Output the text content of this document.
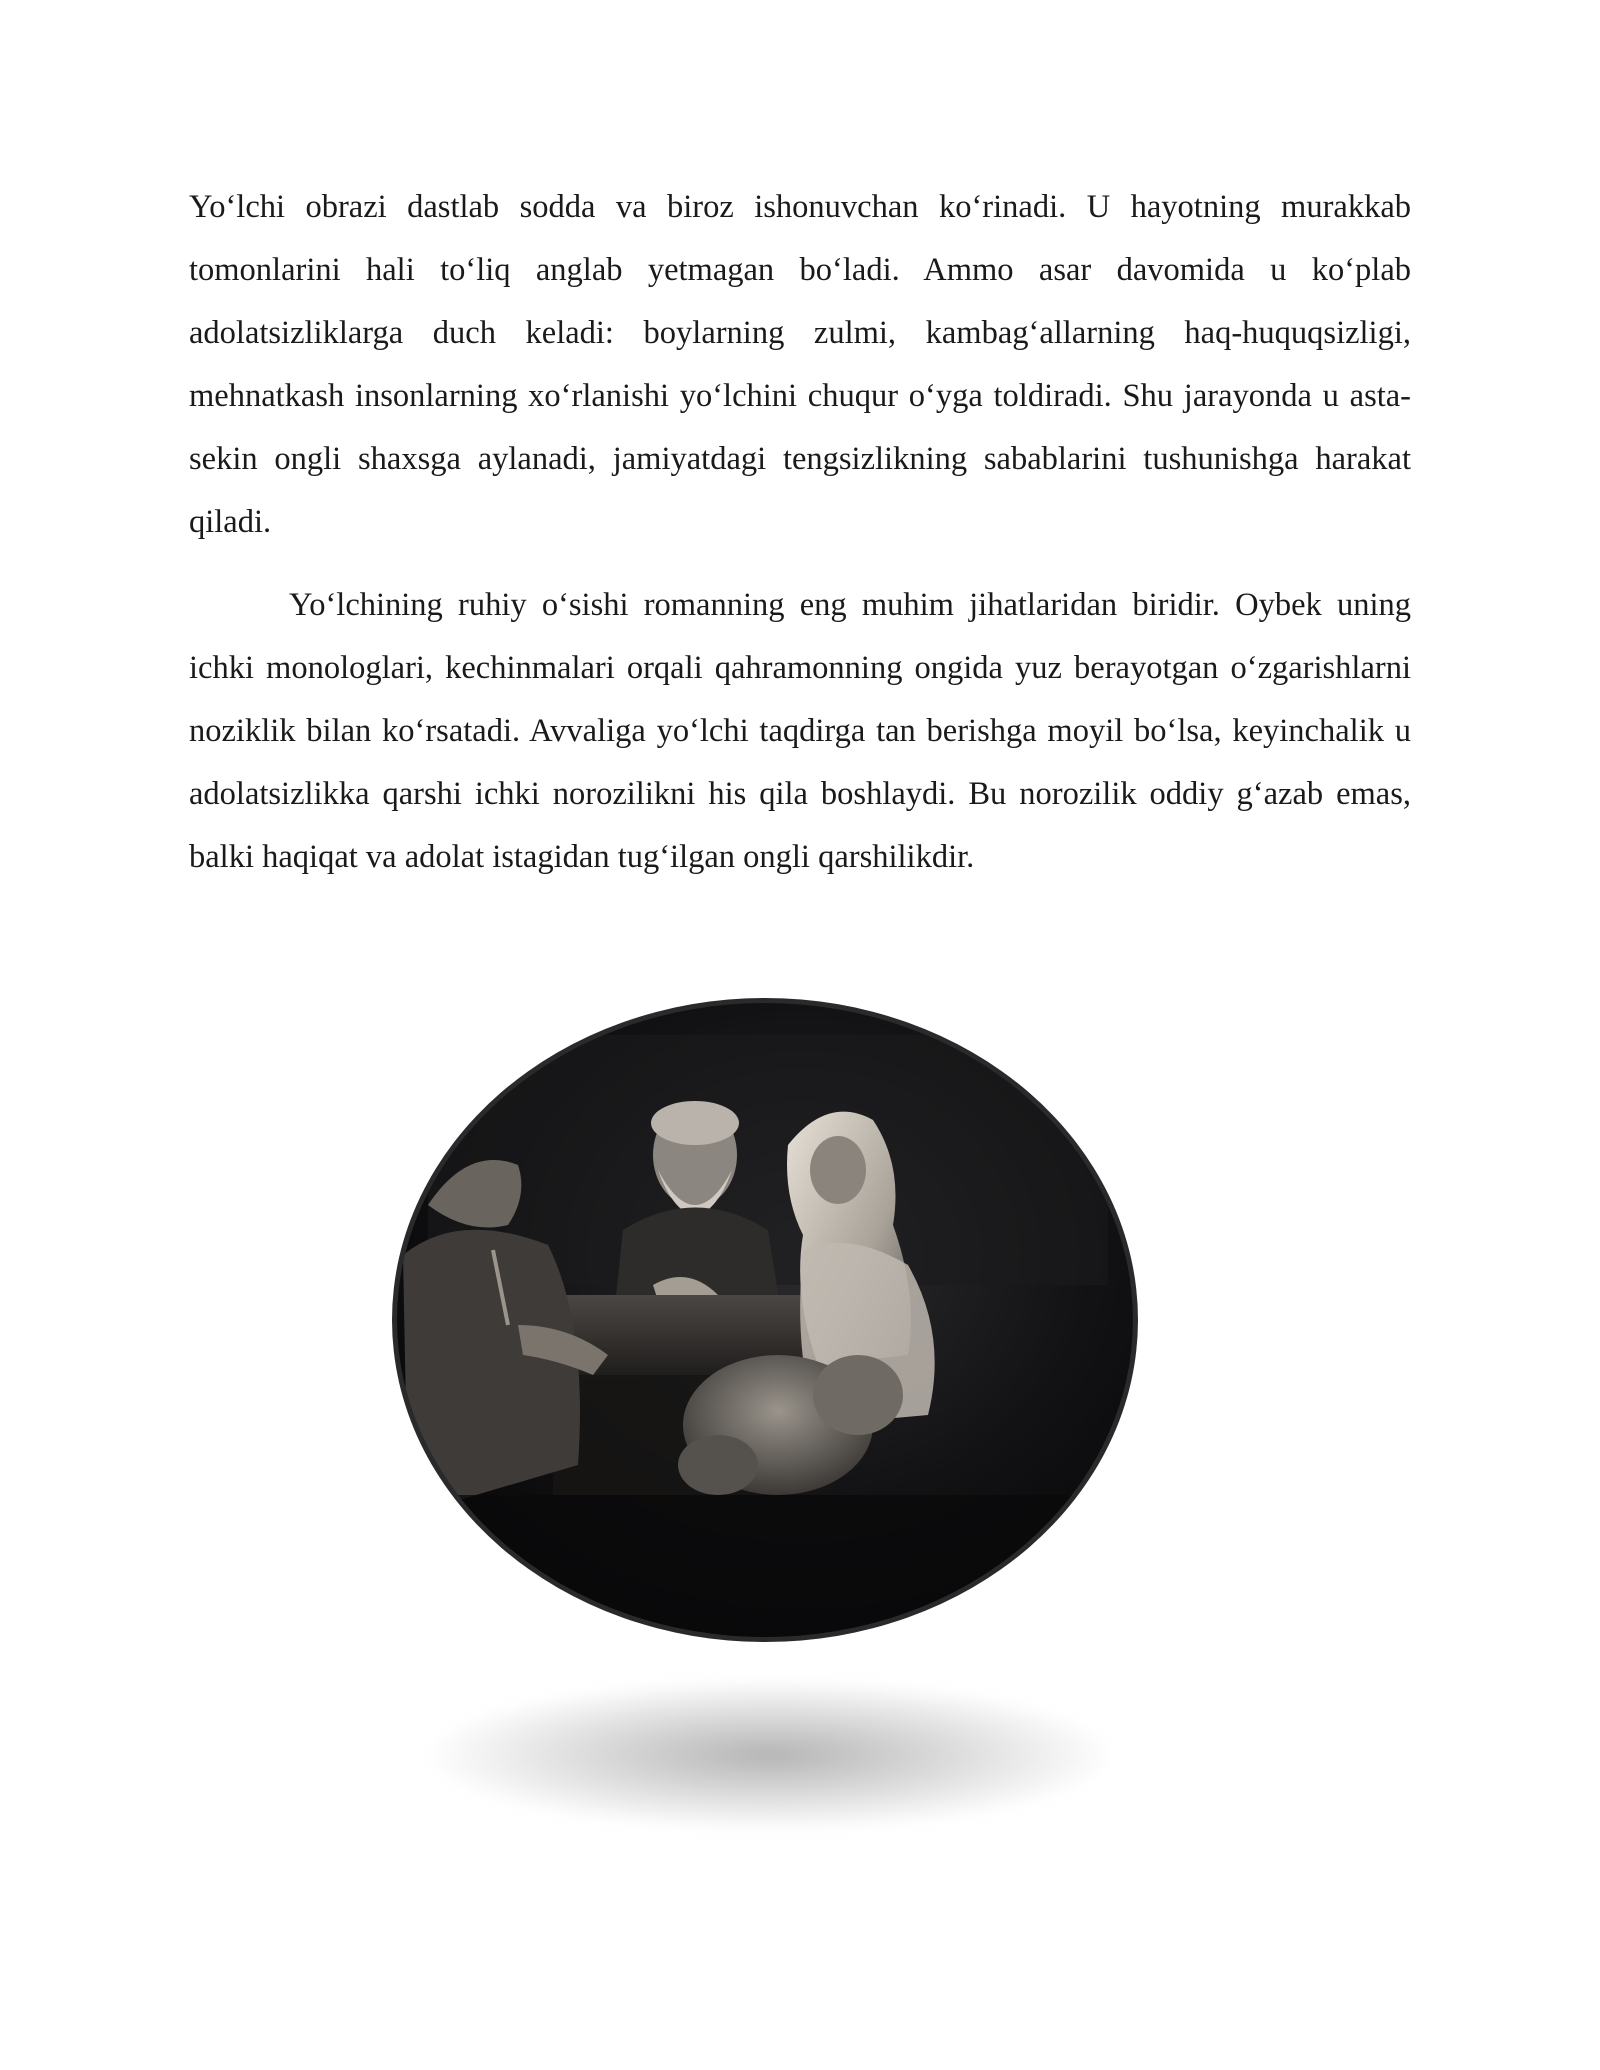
Yo‘lchi obrazi dastlab sodda va biroz ishonuvchan ko‘rinadi. U hayotning murakkab tomonlarini hali to‘liq anglab yetmagan bo‘ladi. Ammo asar davomida u ko‘plab adolatsizliklarga duch keladi: boylarning zulmi, kambag‘allarning haq-huquqsizligi, mehnatkash insonlarning xo‘rlanishi yo‘lchini chuqur o‘yga toldiradi. Shu jarayonda u asta-sekin ongli shaxsga aylanadi, jamiyatdagi tengsizlikning sabablarini tushunishga harakat qiladi.

Yo‘lchining ruhiy o‘sishi romanning eng muhim jihatlaridan biridir. Oybek uning ichki monologlari, kechinmalari orqali qahramonning ongida yuz berayotgan o‘zgarishlarni noziklik bilan ko‘rsatadi. Avvaliga yo‘lchi taqdirga tan berishga moyil bo‘lsa, keyinchalik u adolatsizlikka qarshi ichki norozilikni his qila boshlaydi. Bu norozilik oddiy g‘azab emas, balki haqiqat va adolat istagidan tug‘ilgan ongli qarshilikdir.
